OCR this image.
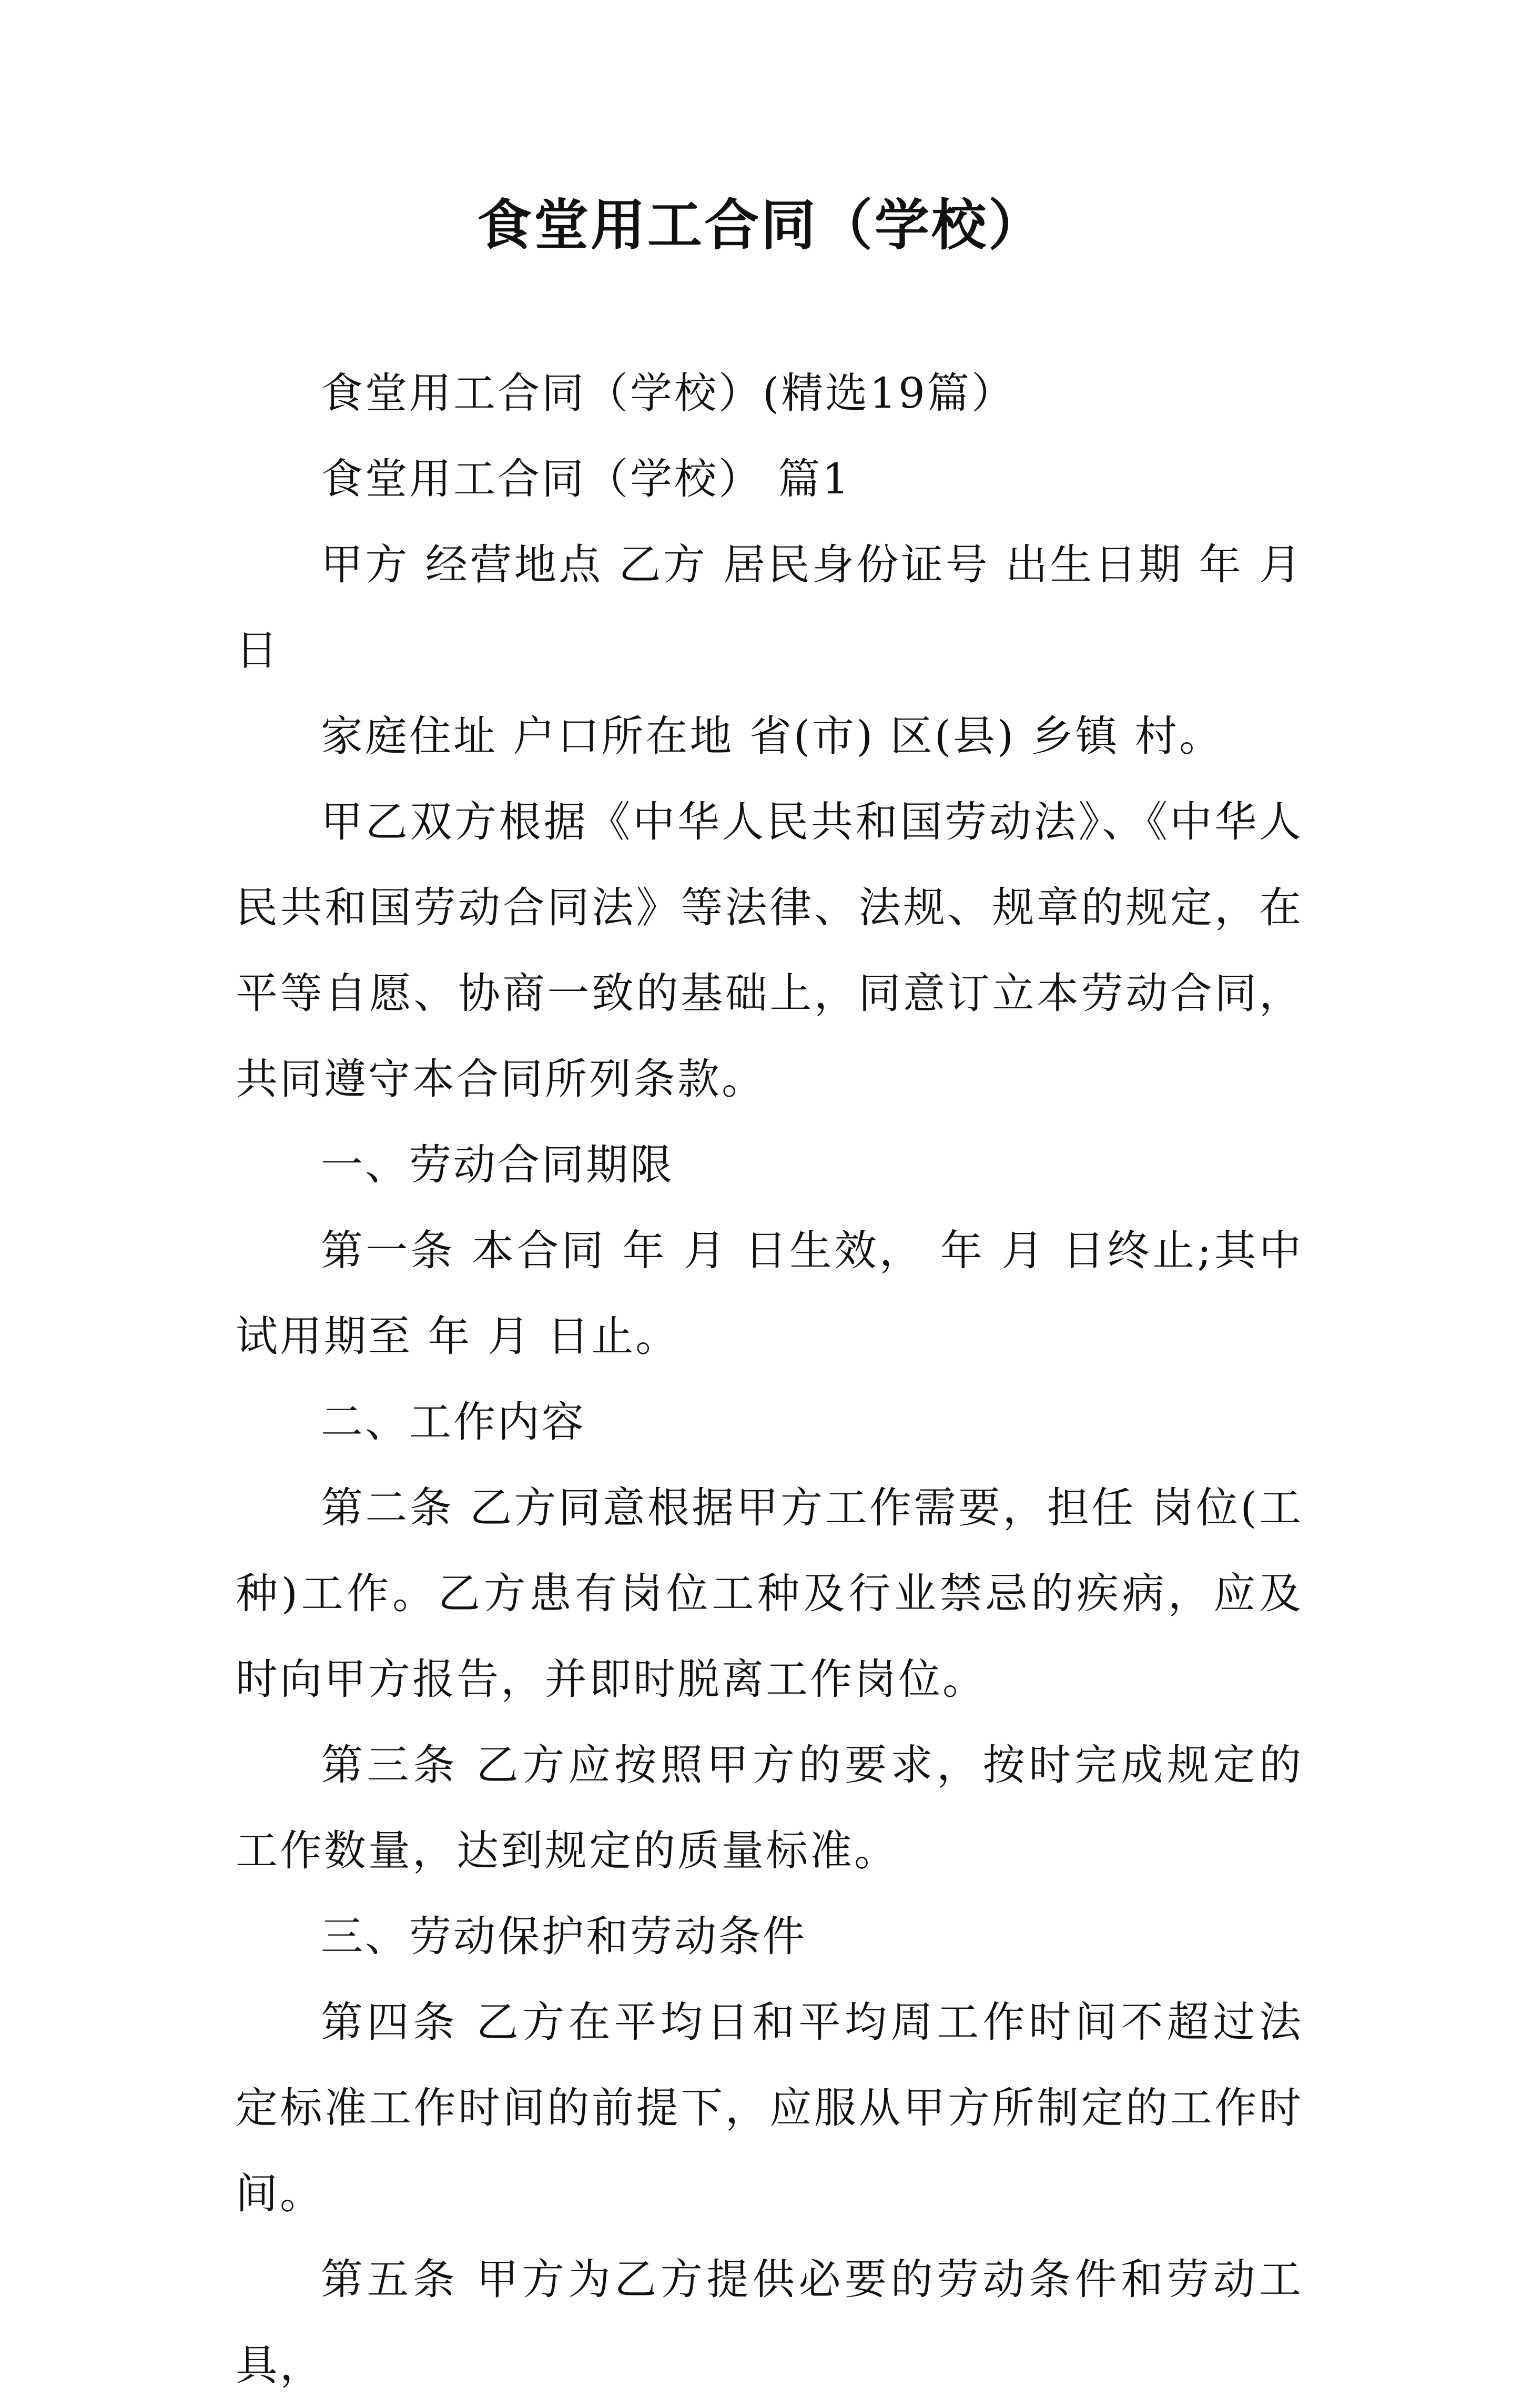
食堂用工合同（学校）

食堂用工合同（学校）(精选19篇）

食堂用工合同（学校） 篇1

甲方 经营地点 乙方 居民身份证号 出生日期 年 月 日

家庭住址 户口所在地 省(市) 区(县) 乡镇 村。

甲乙双方根据《中华人民共和国劳动法》、《中华人民共和国劳动合同法》等法律、法规、规章的规定，在平等自愿、协商一致的基础上，同意订立本劳动合同，共同遵守本合同所列条款。

一、劳动合同期限

第一条 本合同 年 月 日生效， 年 月 日终止;其中试用期至 年 月 日止。

二、工作内容

第二条 乙方同意根据甲方工作需要，担任 岗位(工种)工作。乙方患有岗位工种及行业禁忌的疾病，应及时向甲方报告，并即时脱离工作岗位。

第三条 乙方应按照甲方的要求，按时完成规定的工作数量，达到规定的质量标准。

三、劳动保护和劳动条件

第四条 乙方在平均日和平均周工作时间不超过法定标准工作时间的前提下，应服从甲方所制定的工作时间。

第五条 甲方为乙方提供必要的劳动条件和劳动工具，
